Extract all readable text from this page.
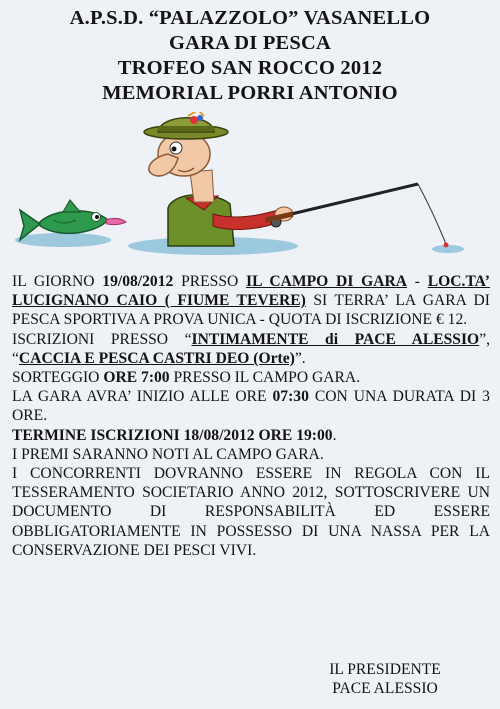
A.P.S.D. “PALAZZOLO” VASANELLO
GARA DI PESCA
TROFEO SAN ROCCO 2012
MEMORIAL PORRI ANTONIO

IL GIORNO 19/08/2012 PRESSO IL CAMPO DI GARA - LOC.TA’ LUCIGNANO CAIO ( FIUME TEVERE) SI TERRA’ LA GARA DI PESCA SPORTIVA A PROVA UNICA - QUOTA DI ISCRIZIONE € 12.

ISCRIZIONI PRESSO “INTIMAMENTE di PACE ALESSIO”, “CACCIA E PESCA CASTRI DEO (Orte)”.

SORTEGGIO ORE 7:00 PRESSO IL CAMPO GARA.

LA GARA AVRA’ INIZIO ALLE ORE 07:30 CON UNA DURATA DI 3 ORE.

TERMINE ISCRIZIONI 18/08/2012 ORE 19:00.

I PREMI SARANNO NOTI AL CAMPO GARA.

I CONCORRENTI DOVRANNO ESSERE IN REGOLA CON IL TESSERAMENTO SOCIETARIO ANNO 2012, SOTTOSCRIVERE UN DOCUMENTO DI RESPONSABILITÀ ED ESSERE OBBLIGATORIAMENTE IN POSSESSO DI UNA NASSA PER LA CONSERVAZIONE DEI PESCI VIVI.

IL PRESIDENTE
PACE ALESSIO
